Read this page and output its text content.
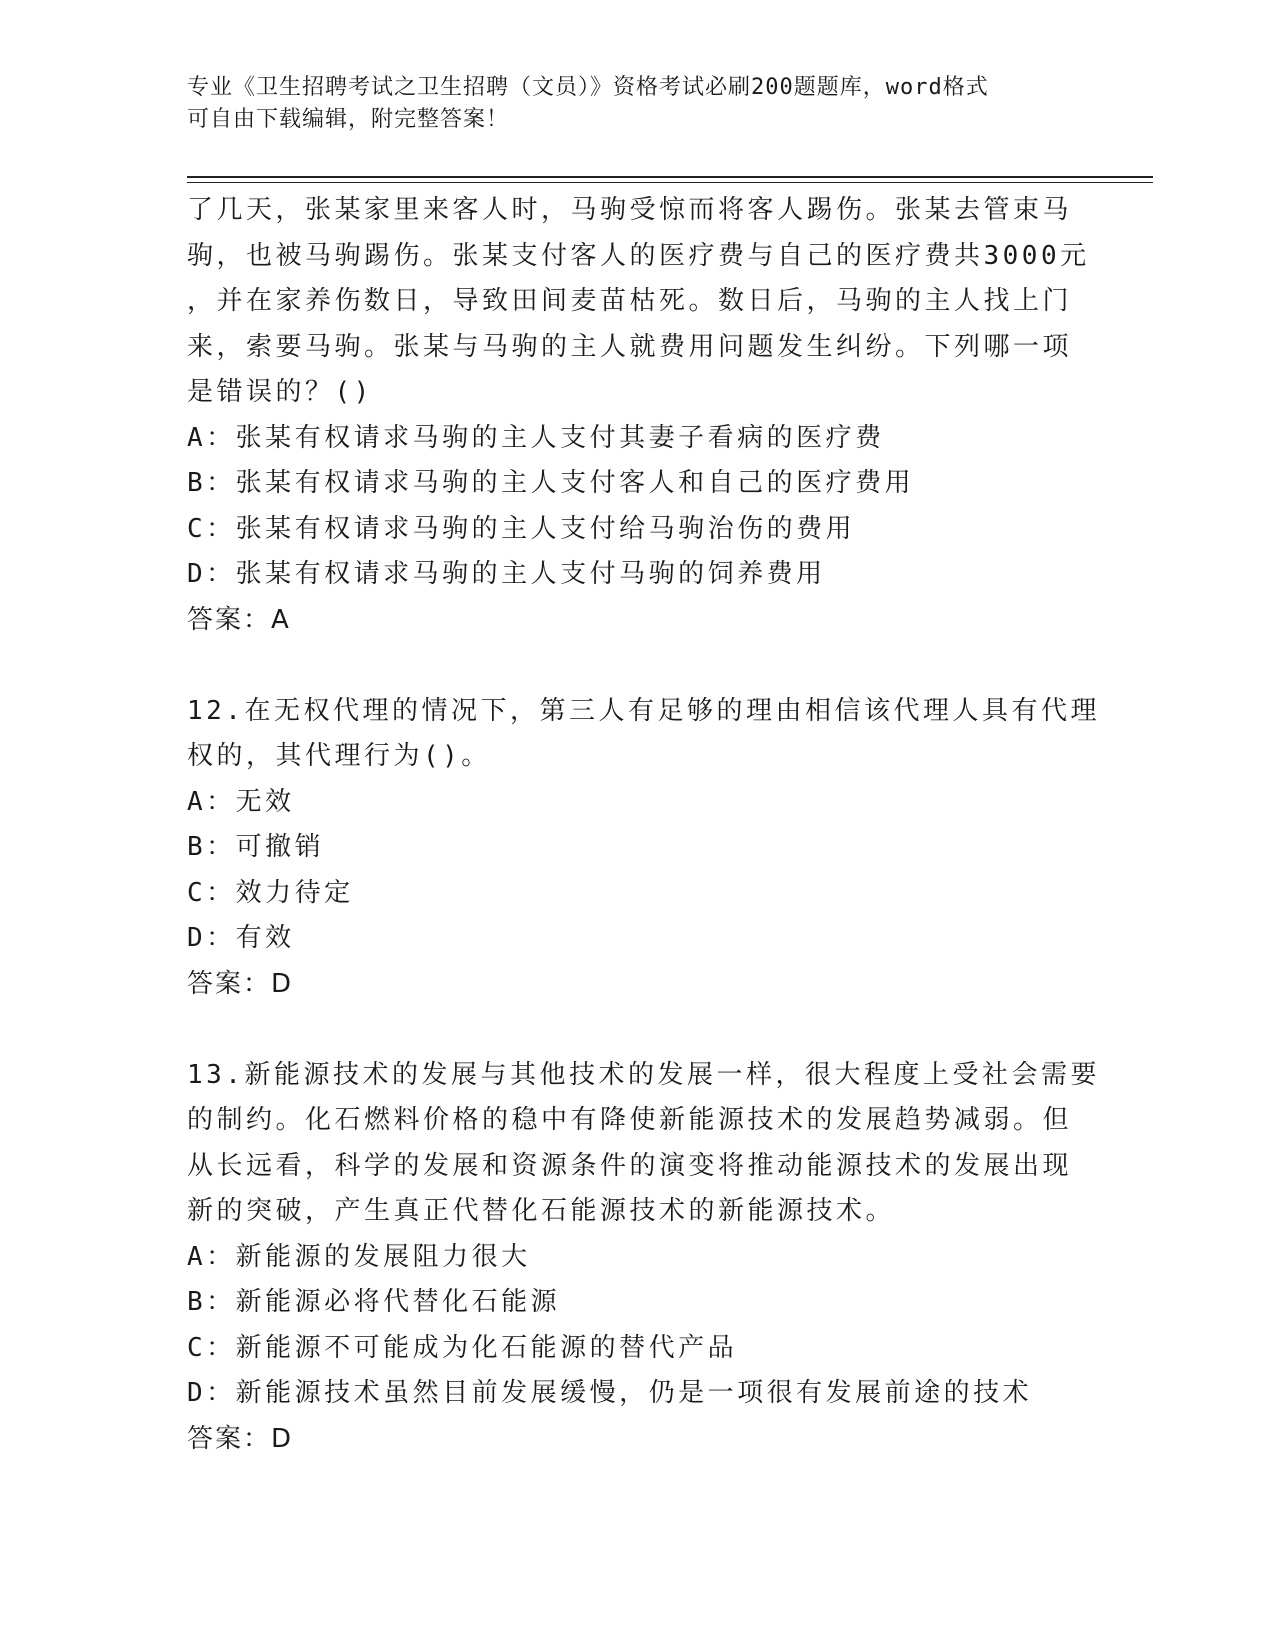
专业《卫生招聘考试之卫生招聘（文员）》资格考试必刷200题题库，word格式
可自由下载编辑，附完整答案！
了几天，张某家里来客人时，马驹受惊而将客人踢伤。张某去管束马
驹，也被马驹踢伤。张某支付客人的医疗费与自己的医疗费共3000元
，并在家养伤数日，导致田间麦苗枯死。数日后，马驹的主人找上门
来，索要马驹。张某与马驹的主人就费用问题发生纠纷。下列哪一项
是错误的？()
A：张某有权请求马驹的主人支付其妻子看病的医疗费
B：张某有权请求马驹的主人支付客人和自己的医疗费用
C：张某有权请求马驹的主人支付给马驹治伤的费用
D：张某有权请求马驹的主人支付马驹的饲养费用
答案：A
12.在无权代理的情况下，第三人有足够的理由相信该代理人具有代理
权的，其代理行为()。
A：无效
B：可撤销
C：效力待定
D：有效
答案：D
13.新能源技术的发展与其他技术的发展一样，很大程度上受社会需要
的制约。化石燃料价格的稳中有降使新能源技术的发展趋势减弱。但
从长远看，科学的发展和资源条件的演变将推动能源技术的发展出现
新的突破，产生真正代替化石能源技术的新能源技术。
A：新能源的发展阻力很大
B：新能源必将代替化石能源
C：新能源不可能成为化石能源的替代产品
D：新能源技术虽然目前发展缓慢，仍是一项很有发展前途的技术
答案：D
